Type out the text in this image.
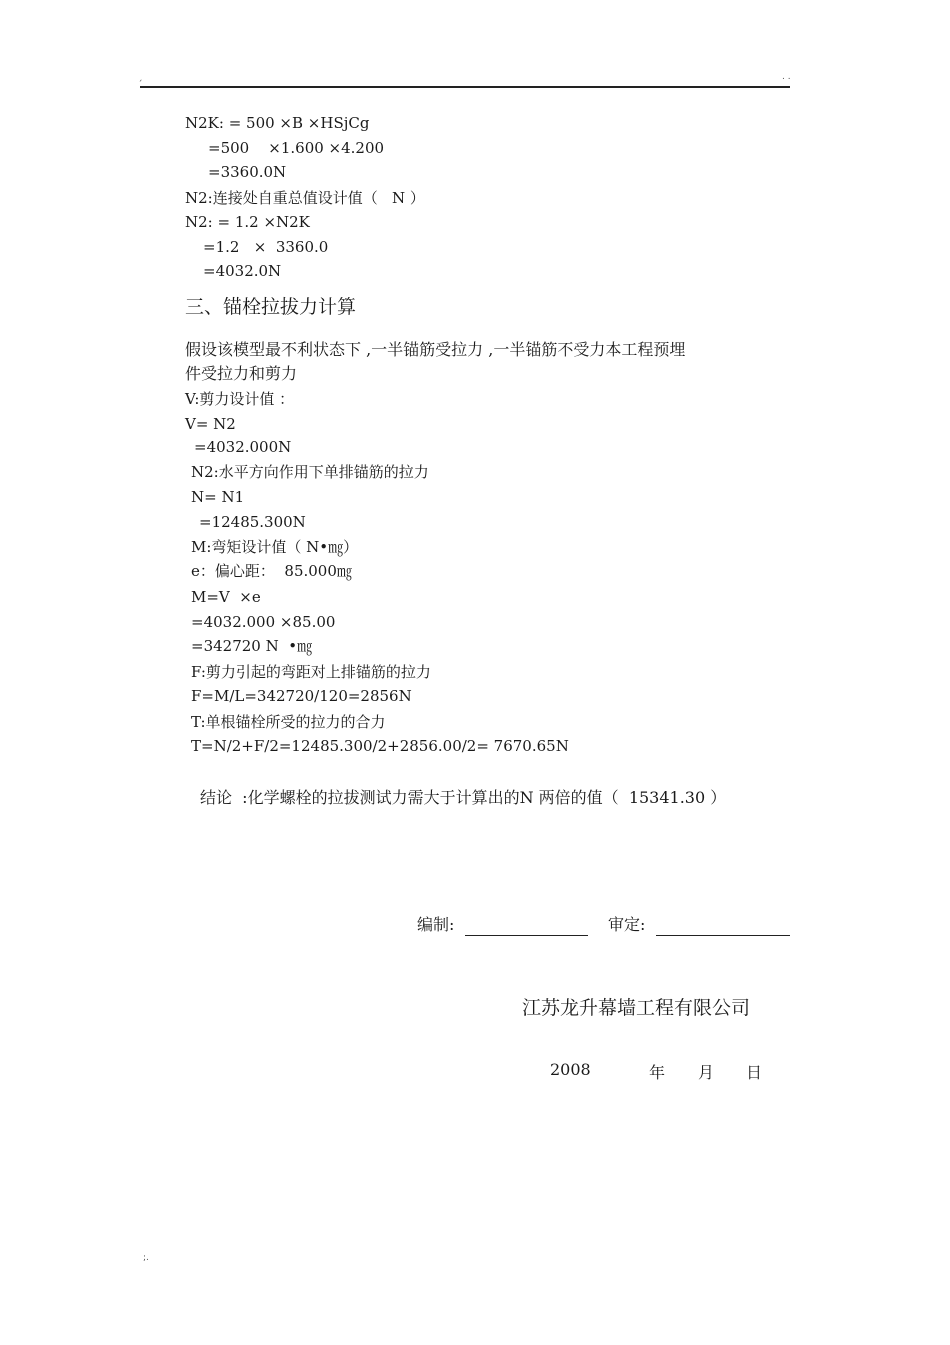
´
. .
N2K: = 500 ×B ×HSjCg
=500    ×1.600 ×4.200
=3360.0N
N2:连接处自重总值设计值（   N ）
N2: = 1.2 ×N2K
=1.2   ×  3360.0
=4032.0N
三、锚栓拉拔力计算
假设该模型最不利状态下 ,一半锚筋受拉力 ,一半锚筋不受力本工程预埋
件受拉力和剪力
V:剪力设计值 ：
V= N2
=4032.000N
N2:水平方向作用下单排锚筋的拉力
N= N1
=12485.300N
M:弯矩设计值（ N•㎎）
e：偏心距：  85.000㎎
M=V  ×e
=4032.000 ×85.00
=342720 N  •㎎
F:剪力引起的弯距对上排锚筋的拉力
F=M/L=342720/120=2856N
T:单根锚栓所受的拉力的合力
T=N/2+F/2=12485.300/2+2856.00/2= 7670.65N
结论  :化学螺栓的拉拔测试力需大于计算出的N 两倍的值（  15341.30 ）
编制:	审定:
江苏龙升幕墙工程有限公司
2008	年 月 日
;.
